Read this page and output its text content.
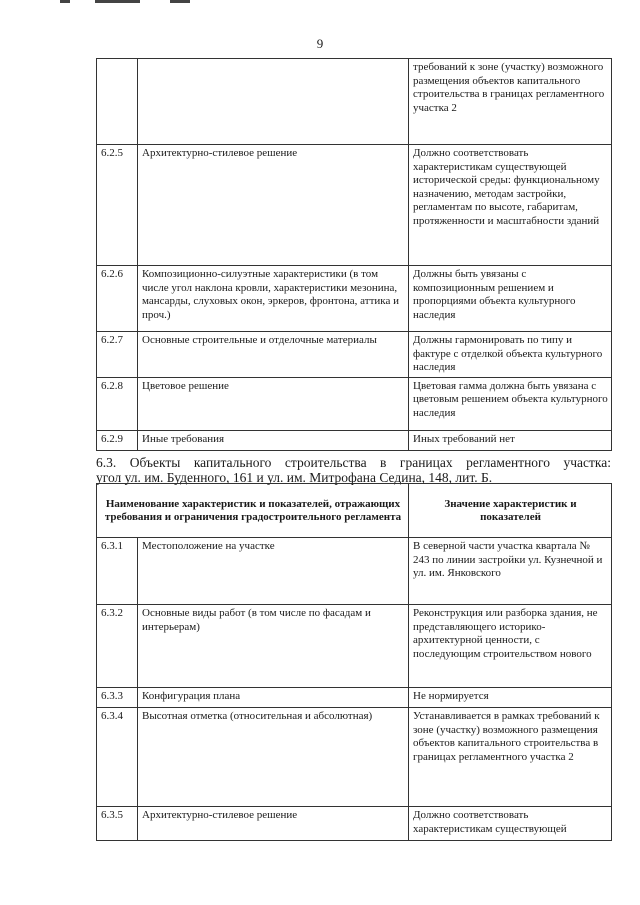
9
		требований к зоне (участку) возможного размещения объектов капитального строительства в границах регламентного участка 2
6.2.5	Архитектурно-стилевое решение	Должно соответствовать характеристикам существующей исторической среды: функциональному назначению, методам застройки, регламентам по высоте, габаритам, протяженности и масштабности зданий
6.2.6	Композиционно-силуэтные характеристики (в том числе угол наклона кровли, характеристики мезонина, мансарды, слуховых окон, эркеров, фронтона, аттика и проч.)	Должны быть увязаны с композиционным решением и пропорциями объекта культурного наследия
6.2.7	Основные строительные и отделочные материалы	Должны гармонировать по типу и фактуре с отделкой объекта культурного наследия
6.2.8	Цветовое решение	Цветовая гамма должна быть увязана с цветовым решением объекта культурного наследия
6.2.9	Иные требования	Иных требований нет
6.3. Объекты капитального строительства в границах регламентного участка:
угол ул. им. Буденного, 161 и ул. им. Митрофана Седина, 148, лит. Б.
Наименование характеристик и показателей, отражающих требования и ограничения градостроительного регламента		Значение характеристик и показателей
6.3.1	Местоположение на участке	В северной части участка квартала № 243 по линии застройки ул. Кузнечной и ул. им. Янковского
6.3.2	Основные виды работ (в том числе по фасадам и интерьерам)	Реконструкция или разборка здания, не представляющего историко-архитектурной ценности, с последующим строительством нового
6.3.3	Конфигурация плана	Не нормируется
6.3.4	Высотная отметка (относительная и абсолютная)	Устанавливается в рамках требований к зоне (участку) возможного размещения объектов капитального строительства в границах регламентного участка 2
6.3.5	Архитектурно-стилевое решение	Должно соответствовать характеристикам существующей
